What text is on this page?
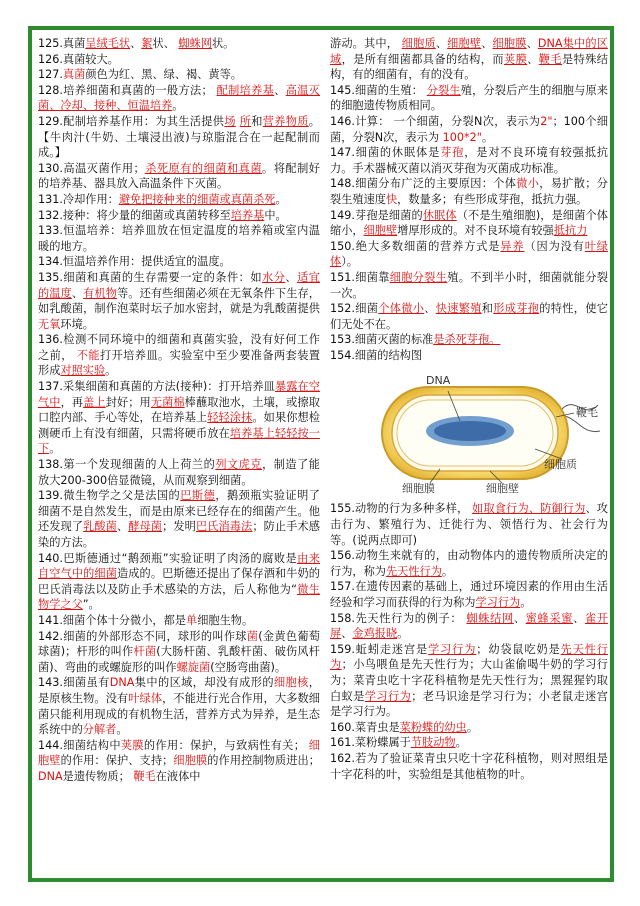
125.真菌呈绒毛状、絮状、 蜘蛛网状。
126.真菌较大。
127.真菌颜色为红、黑、绿、褐、黄等。
128.培养细菌和真菌的一般方法； 配制培养基、高温灭菌、冷却、接种、恒温培养。
129.配制培养基作用：为其生活提供场 所和营养物质。【牛肉汁(牛奶、土壤浸出液)与琼脂混合在一起配制而成。】
130.高温灭菌作用；杀死原有的细菌和真菌。将配制好的培养基、器具放入高温条件下灭菌。
131.冷却作用：避免把接种来的细菌或真菌杀死。
132.接种：将少量的细菌或真菌转移至培养基中。
133.恒温培养：培养皿放在恒定温度的培养箱或室内温暖的地方。
134.恒温培养作用：提供适宜的温度。
135.细菌和真菌的生存需要一定的条件：如水分、适宜的温度、有机物等。还有些细菌必须在无氧条件下生存，如乳酸菌，制作泡菜时坛子加水密封，就是为乳酸菌提供无氧环境。
136.检测不同环境中的细菌和真菌实验，没有好何工作之前， 不能打开培养皿。实验室中至少要准备两套装置形成对照实验。
137.采集细菌和真菌的方法(接种)：打开培养皿暴露在空气中，再盖上封好；用无菌棉棒蘸取池水，土壤，或擦取口腔内部、手心等处，在培养基上轻轻涂抹。如果你想检测硬币上有没有细菌，只需将硬币放在培养基上轻轻按一下。
138.第一个发现细菌的人上荷兰的列文虎克，制造了能放大200-300倍显微镜，从而观察到细菌。
139.微生物学之父是法国的巴斯德，鹅颈瓶实验证明了细菌不是自然发生，而是由原来已经存在的细菌产生。他还发现了乳酸菌、酵母菌；发明巴氏消毒法；防止手术感染的方法。
140.巴斯德通过“鹅颈瓶”实验证明了肉汤的腐败是由来自空气中的细菌造成的。巴斯德还提出了保存酒和牛奶的巴氏消毒法以及防止手术感染的方法，后人称他为“微生物学之父”。
141.细菌个体十分微小，都是单细胞生物。
142.细菌的外部形态不同，球形的叫作球菌(金黄色葡萄球菌)；杆形的叫作杆菌(大肠杆菌、乳酸杆菌、破伤风杆菌)、弯曲的或螺旋形的叫作螺旋菌(空肠弯曲菌)。
143.细菌虽有DNA集中的区域，却没有成形的细胞核，是原核生物。没有叶绿体，不能进行光合作用，大多数细菌只能利用现成的有机物生活，营养方式为异养，是生态系统中的分解者。
144.细菌结构中荚膜的作用：保护，与致病性有关； 细胞壁的作用：保护、支持；细胞膜的作用控制物质进出； DNA是遗传物质； 鞭毛在液体中
游动。其中， 细胞质、细胞壁、细胞膜、DNA集中的区域，是所有细菌都具备的结构，而荚膜、鞭毛是特殊结构，有的细菌有，有的没有。
145.细菌的生殖： 分裂生殖，分裂后产生的细胞与原来的细胞遗传物质相同。
146.计算： 一个细菌，分裂N次，表示为2"；100个细菌，分裂N次，表示为 100*2"。
147.细菌的休眠体是芽孢，是对不良环境有较强抵抗力。手术器械灭菌以消灭芽孢为灭菌成功标准。
148.细菌分布广泛的主要原因：个体微小，易扩散；分裂生殖速度快，数量多；有些形成芽孢，抵抗力强。
149.芽孢是细菌的休眠体（不是生殖细胞)，是细菌个体缩小，细胞壁增厚形成的。对不良环境有较强抵抗力
150.绝大多数细菌的营养方式是异养（因为没有叶绿体）。
151.细菌靠细胞分裂生殖。不到半小时，细菌就能分裂一次。
152.细菌个体微小、快速繁殖和形成芽孢的特性，使它们无处不在。
153.细菌灭菌的标准是杀死芽孢。
154.细菌的结构图
DNA
鞭毛
细胞质
细胞膜	细胞壁
155.动物的行为多种多样， 如取食行为、防御行为、攻击行为、繁殖行为、迁徙行为、领悟行为、社会行为等。(说两点即可)
156.动物生来就有的，由动物体内的遗传物质所决定的行为，称为先天性行为。
157.在遗传因素的基础上，通过环境因素的作用由生活经验和学习而获得的行为称为学习行为。
158.先天性行为的例子： 蜘蛛结网、蜜蜂采蜜、雀开屏、金鸡报晓。
159.蚯蚓走迷宫是学习行为；幼袋鼠吃奶是先天性行为；小鸟喂鱼是先天性行为；大山雀偷喝牛奶的学习行为；菜青虫吃十字花科植物是先天性行为；黑猩猩钓取白蚁是学习行为；老马识途是学习行为；小老鼠走迷宫是学习行为。
160.菜青虫是菜粉蝶的幼虫。
161.菜粉蝶属于节肢动物。
162.若为了验证菜青虫只吃十字花科植物，则对照组是十字花科的叶，实验组是其他植物的叶。
